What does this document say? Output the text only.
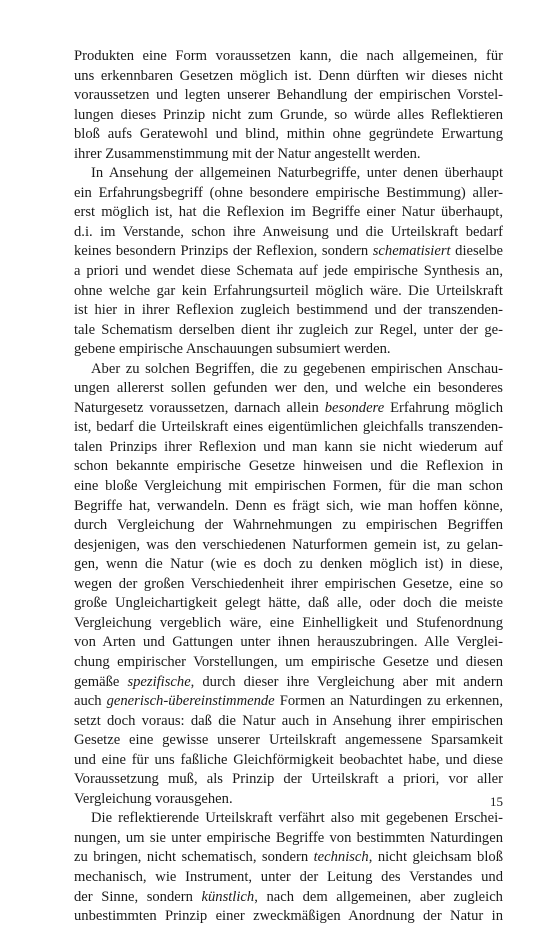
Produkten eine Form voraussetzen kann, die nach allgemeinen, für
uns erkennbaren Gesetzen möglich ist. Denn dürften wir dieses nicht
voraussetzen und legten unserer Behandlung der empirischen Vorstel-
lungen dieses Prinzip nicht zum Grunde, so würde alles Reflektieren
bloß aufs Geratewohl und blind, mithin ohne gegründete Erwartung
ihrer Zusammenstimmung mit der Natur angestellt werden.
In Ansehung der allgemeinen Naturbegriffe, unter denen überhaupt
ein Erfahrungsbegriff (ohne besondere empirische Bestimmung) aller-
erst möglich ist, hat die Reflexion im Begriffe einer Natur überhaupt,
d.i. im Verstande, schon ihre Anweisung und die Urteilskraft bedarf
keines besondern Prinzips der Reflexion, sondern schematisiert dieselbe
a priori und wendet diese Schemata auf jede empirische Synthesis an,
ohne welche gar kein Erfahrungsurteil möglich wäre. Die Urteilskraft
ist hier in ihrer Reflexion zugleich bestimmend und der transzenden-
tale Schematism derselben dient ihr zugleich zur Regel, unter der ge-
gebene empirische Anschauungen subsumiert werden.
Aber zu solchen Begriffen, die zu gegebenen empirischen Anschau-
ungen allererst sollen gefunden wer den, und welche ein besonderes
Naturgesetz voraussetzen, darnach allein besondere Erfahrung möglich
ist, bedarf die Urteilskraft eines eigentümlichen gleichfalls transzenden-
talen Prinzips ihrer Reflexion und man kann sie nicht wiederum auf
schon bekannte empirische Gesetze hinweisen und die Reflexion in
eine bloße Vergleichung mit empirischen Formen, für die man schon
Begriffe hat, verwandeln. Denn es frägt sich, wie man hoffen könne,
durch Vergleichung der Wahrnehmungen zu empirischen Begriffen
desjenigen, was den verschiedenen Naturformen gemein ist, zu gelan-
gen, wenn die Natur (wie es doch zu denken möglich ist) in diese,
wegen der großen Verschiedenheit ihrer empirischen Gesetze, eine so
große Ungleichartigkeit gelegt hätte, daß alle, oder doch die meiste
Vergleichung vergeblich wäre, eine Einhelligkeit und Stufenordnung
von Arten und Gattungen unter ihnen herauszubringen. Alle Verglei-
chung empirischer Vorstellungen, um empirische Gesetze und diesen
gemäße spezifische, durch dieser ihre Vergleichung aber mit andern
auch generisch-übereinstimmende Formen an Naturdingen zu erkennen,
setzt doch voraus: daß die Natur auch in Ansehung ihrer empirischen
Gesetze eine gewisse unserer Urteilskraft angemessene Sparsamkeit
und eine für uns faßliche Gleichförmigkeit beobachtet habe, und diese
Voraussetzung muß, als Prinzip der Urteilskraft a priori, vor aller
Vergleichung vorausgehen.
Die reflektierende Urteilskraft verfährt also mit gegebenen Erschei-
nungen, um sie unter empirische Begriffe von bestimmten Naturdingen
zu bringen, nicht schematisch, sondern technisch, nicht gleichsam bloß
mechanisch, wie Instrument, unter der Leitung des Verstandes und
der Sinne, sondern künstlich, nach dem allgemeinen, aber zugleich
unbestimmten Prinzip einer zweckmäßigen Anordnung der Natur in
15
